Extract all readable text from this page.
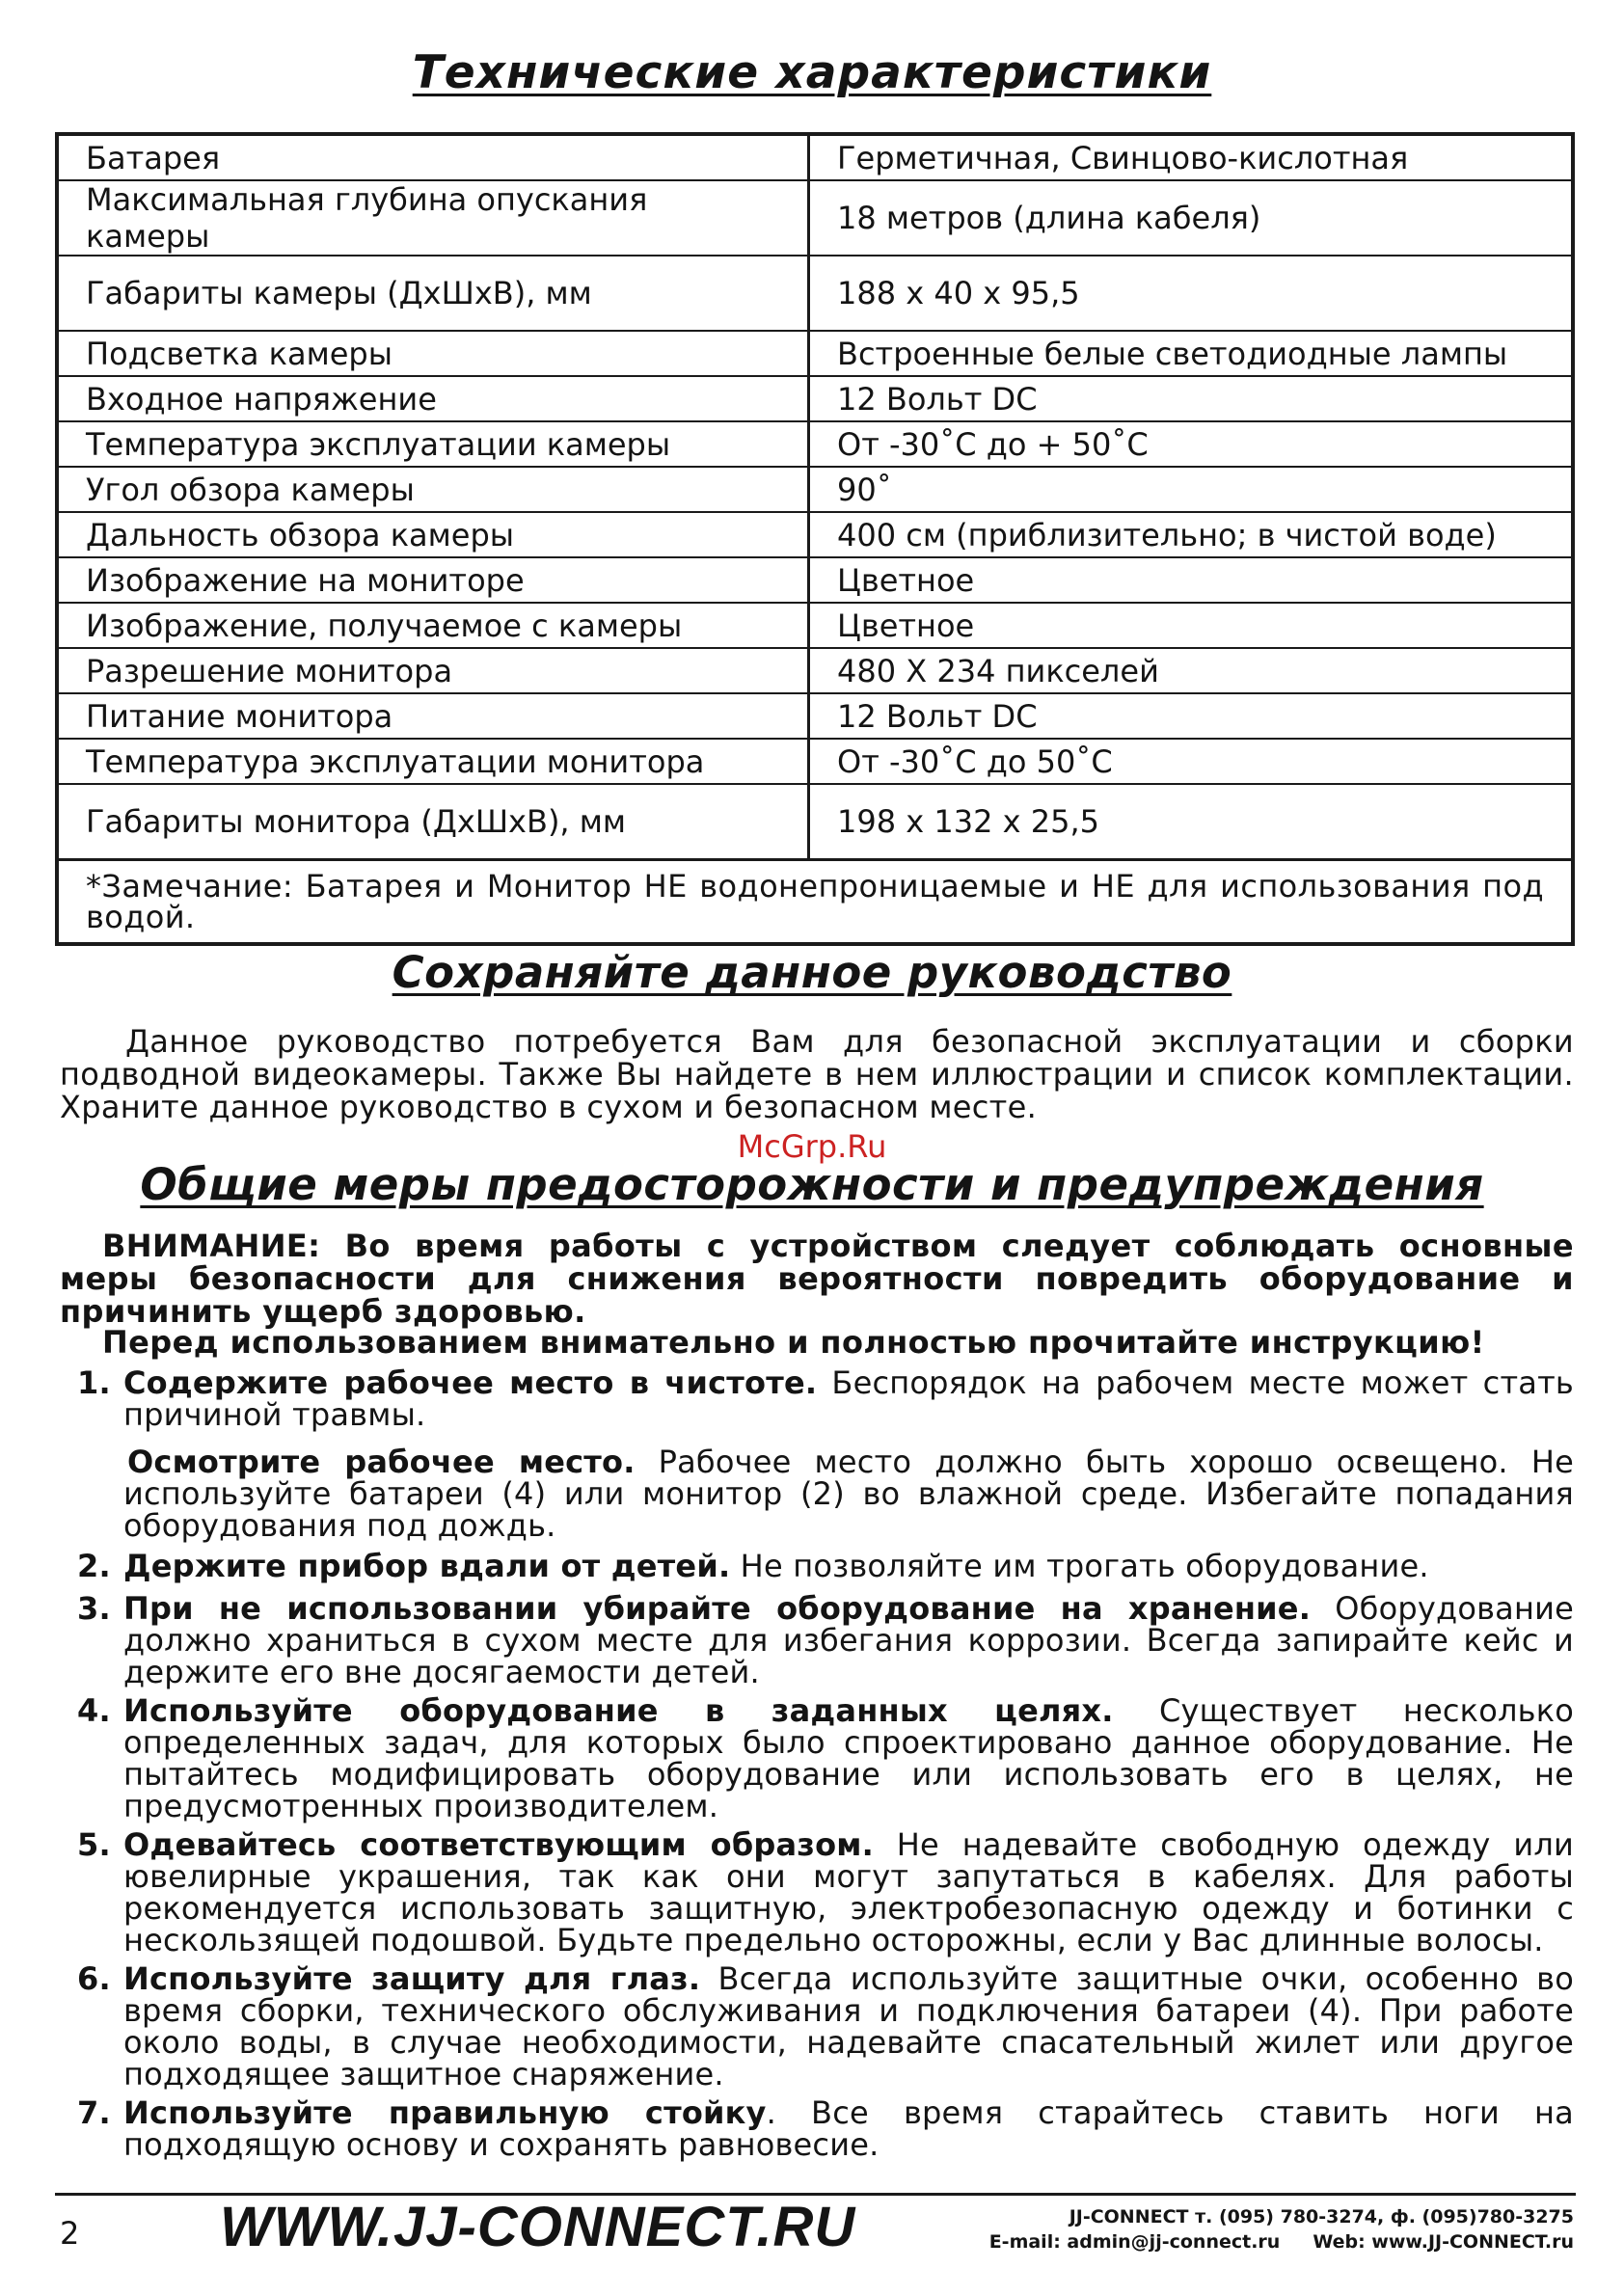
Технические характеристики
Батарея	Герметичная, Свинцово-кислотная
Максимальная глубина опускания камеры	18 метров (длина кабеля)
Габариты камеры (ДхШхВ), мм	188 x 40 x 95,5
Подсветка камеры	Встроенные белые светодиодные лампы
Входное напряжение	12 Вольт DC
Температура эксплуатации камеры	От -30˚С до + 50˚С
Угол обзора камеры	90˚
Дальность обзора камеры	400 см (приблизительно; в чистой воде)
Изображение на мониторе	Цветное
Изображение, получаемое с камеры	Цветное
Разрешение монитора	480 X 234 пикселей
Питание монитора	12 Вольт DC
Температура эксплуатации монитора	От -30˚С до 50˚С
Габариты монитора (ДхШхВ), мм	198 x 132 x 25,5
*Замечание: Батарея и Монитор НЕ водонепроницаемые и НЕ для использования под водой.	
Сохраняйте данное руководство
Данное руководство потребуется Вам для безопасной эксплуатации и сборки подводной видеокамеры. Также Вы найдете в нем иллюстрации и список комплектации. Храните данное руководство в сухом и безопасном месте.
McGrp.Ru
Общие меры предосторожности и предупреждения
ВНИМАНИЕ: Во время работы с устройством следует соблюдать основные меры безопасности для снижения вероятности повредить оборудование и причинить ущерб здоровью.
Перед использованием внимательно и полностью прочитайте инструкцию!
1. Содержите рабочее место в чистоте. Беспорядок на рабочем месте может стать причиной травмы.
Осмотрите рабочее место. Рабочее место должно быть хорошо освещено. Не используйте батареи (4) или монитор (2) во влажной среде. Избегайте попадания оборудования под дождь.
2. Держите прибор вдали от детей. Не позволяйте им трогать оборудование.
3. При не использовании убирайте оборудование на хранение. Оборудование должно храниться в сухом месте для избегания коррозии. Всегда запирайте кейс и держите его вне досягаемости детей.
4. Используйте оборудование в заданных целях. Существует несколько определенных задач, для которых было спроектировано данное оборудование. Не пытайтесь модифицировать оборудование или использовать его в целях, не предусмотренных производителем.
5. Одевайтесь соответствующим образом. Не надевайте свободную одежду или ювелирные украшения, так как они могут запутаться в кабелях. Для работы рекомендуется использовать защитную, электробезопасную одежду и ботинки с нескользящей подошвой. Будьте предельно осторожны, если у Вас длинные волосы.
6. Используйте защиту для глаз. Всегда используйте защитные очки, особенно во время сборки, технического обслуживания и подключения батареи (4). При работе около воды, в случае необходимости, надевайте спасательный жилет или другое подходящее защитное снаряжение.
7. Используйте правильную стойку. Все время старайтесь ставить ноги на подходящую основу и сохранять равновесие.
2	WWW.JJ-CONNECT.RU	JJ-CONNECT т. (095) 780-3274, ф. (095)780-3275
E-mail: admin@jj-connect.ru Web: www.JJ-CONNECT.ru
